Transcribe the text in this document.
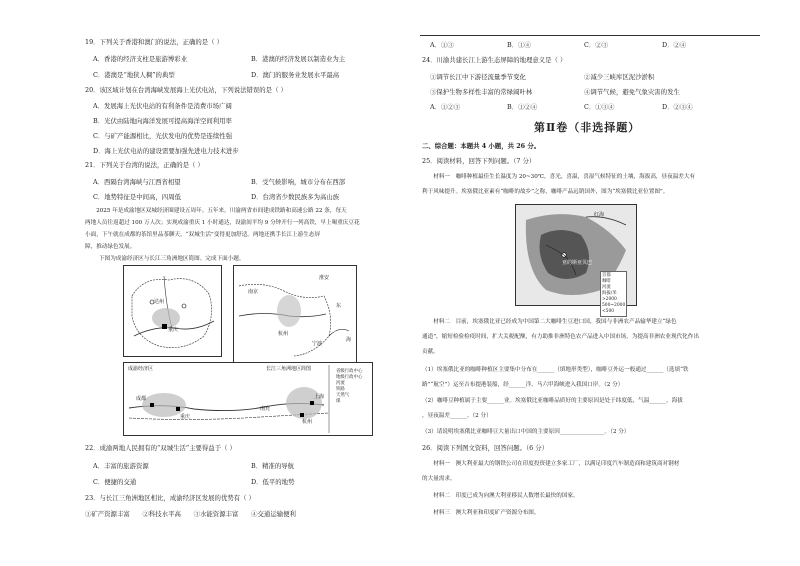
19．下列关于香港和澳门的说法，正确的是（ ）
A．香港的经济支柱是旅游博彩业	B．港澳的经济发展以制造业为主
C．港澳是“地狭人稠”的典型	D．澳门的服务业发展水平最高
20．该区域计划在台湾海峡发展海上光伏电站，下列说法错误的是（ ）
A．发展海上光伏电站的有利条件是消费市场广阔
B．光伏由陆地向海洋发展可提高海洋空间利用率
C．与矿产能源相比，光伏发电的优势是连续性强
D．海上光伏电站的建设需要加强先进电力技术进步
21．下列关于台湾的说法，正确的是（ ）
A．西隔台湾海峡与江西省相望	B．受气候影响，城市分布在西部
C．地势特征是中间高，四周低	D．台湾省少数民族多为高山族
　　2025 年是成渝地区双城经济圈建设五周年。五年来，川渝两省市间建成铁路和高速公路 22 条，每天
两地人员往返超过 100 万人次；实现成渝重庆 1 小时通达，设渝间平均 9 分钟开行一列高铁，早上喝重庆豆花
小面，下午就在成都的茶馆里品茶聊天，“双城生活”变得更加舒适。两地还携手长江上游生态屏
障，推动绿色发展。
下图为成渝经济区与长江三角洲地区简图。完成下面小题。
达州
重庆
南京
淮安
东
杭州
宁波
海
成渝经济区	长江三角洲地区简图
成都
重庆
南充
上海
杭州
省级行政中心
地级行政中心
河流
铁路
天然气
煤
22．成渝两地人民拥有的“双城生活”主要得益于（ ）
A．丰富的旅游资源	B．精准的导航
C．便捷的交通	D．低平的地势
23．与长江三角洲地区相比，成渝经济区发展的优势有（ ）
①矿产资源丰富　　②科技水平高　　③水能资源丰富　　④交通运输便利
A．①③	B．①④	C．②③	D．②④
24．川渝共建长江上游生态屏障的地理意义是（ ）
①调节长江中下游径流量季节变化	②减少三峡库区泥沙淤积
③保护生物多样性丰富的常绿阔叶林	④调节气候，避免气象灾害的发生
A．①②③	B．①②④	C．①③④	D．②③④
第Ⅱ卷（非选择题）
二、综合题：本题共 4 小题，共 26 分。
25．阅读材料，回答下列问题。（7 分）
　　材料一　咖啡种植最佳生长温度为 20~30℃，喜光，喜温，喜湿气候特征的土壤，海拔高，昼夜温差大有
利于风味提升。埃塞俄比亚素有“咖啡的故乡”之称，咖啡产品远销国外，图为“埃塞俄比亚位置图”。
红海
亚的斯亚贝巴
首都
咖啡
河流
海拔/米
>2000
500~2000
<500
　　材料二　目前，埃塞俄比亚已经成为中国第二大咖啡生豆进口国，我国与非洲农产品输华建立“绿色
通道”，缩短检验检疫时间，扩大关税配额，有力助推非洲特色农产品进入中国市场，为提高非洲农业现代化作出
贡献。
（1）埃塞俄比亚的咖啡种植区主要集中分布在______（填地形类型），咖啡豆外运一般通过______（选填“铁
路”“航空”）运至吉布提港装船，经______洋、马六甲海峡进入我国口岸。（2 分）
（2）咖啡豆种植属于主要______业。埃塞俄比亚咖啡品质好的主要原因是处于纬度低，气温______，海拔
，昼夜温差______。（2 分）
（3）请说明埃塞俄比亚咖啡豆大量出口中国的主要原因________________。（2 分）
26．阅读下列图文资料，回答问题。（6 分）
　　材料一　澳大利亚最大的钢铁公司在印度投资建立多家工厂，以满足印度汽车制造商和建筑商对钢材
的大量需求。
　　材料二　印度已成为向澳大利亚移民人数增长最快的国家。
　　材料三　澳大利亚和印度矿产资源分布图。
